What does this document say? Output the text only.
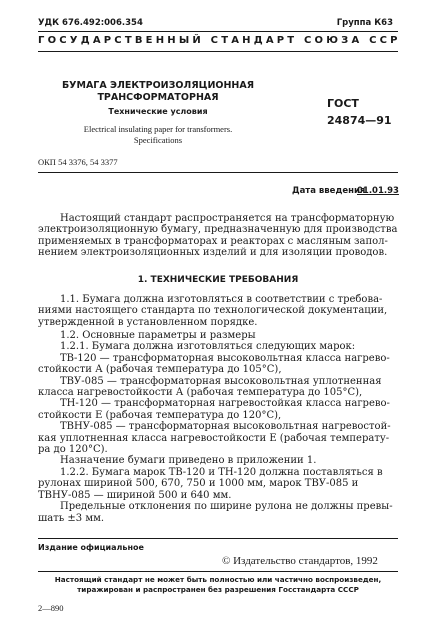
УДК 676.492:006.354	Группа К63
ГОСУДАРСТВЕННЫЙ СТАНДАРТ СОЮЗА ССР
БУМАГА ЭЛЕКТРОИЗОЛЯЦИОННАЯ
ТРАНСФОРМАТОРНАЯ
Технические условия
Electrical insulating paper for transformers.
Specifications
ГОСТ
24874—91
ОКП 54 3376, 54 3377
Дата введения
01.01.93
Настоящий стандарт распространяется на трансформаторную
электроизоляционную бумагу, предназначенную для производства
применяемых в трансформаторах и реакторах с масляным запол-
нением электроизоляционных изделий и для изоляции проводов.
1. ТЕХНИЧЕСКИЕ ТРЕБОВАНИЯ
1.1. Бумага должна изготовляться в соответствии с требова-
ниями настоящего стандарта по технологической документации,
утвержденной в установленном порядке.
1.2. Основные параметры и размеры
1.2.1. Бумага должна изготовляться следующих марок:
ТВ-120 — трансформаторная высоковольтная класса нагрево-
стойкости А (рабочая температура до 105°С),
ТВУ-085 — трансформаторная высоковольтная уплотненная
класса нагревостойкости А (рабочая температура до 105°С),
ТН-120 — трансформаторная нагревостойкая класса нагрево-
стойкости Е (рабочая температура до 120°С),
ТВНУ-085 — трансформаторная высоковольтная нагревостой-
кая уплотненная класса нагревостойкости Е (рабочая температу-
ра до 120°С).
Назначение бумаги приведено в приложении 1.
1.2.2. Бумага марок ТВ-120 и ТН-120 должна поставляться в
рулонах шириной 500, 670, 750 и 1000 мм, марок ТВУ-085 и
ТВНУ-085 — шириной 500 и 640 мм.
Предельные отклонения по ширине рулона не должны превы-
шать ±3 мм.
Издание официальное
© Издательство стандартов, 1992
Настоящий стандарт не может быть полностью или частично воспроизведен,
тиражирован и распространен без разрешения Госстандарта СССР
2—890
